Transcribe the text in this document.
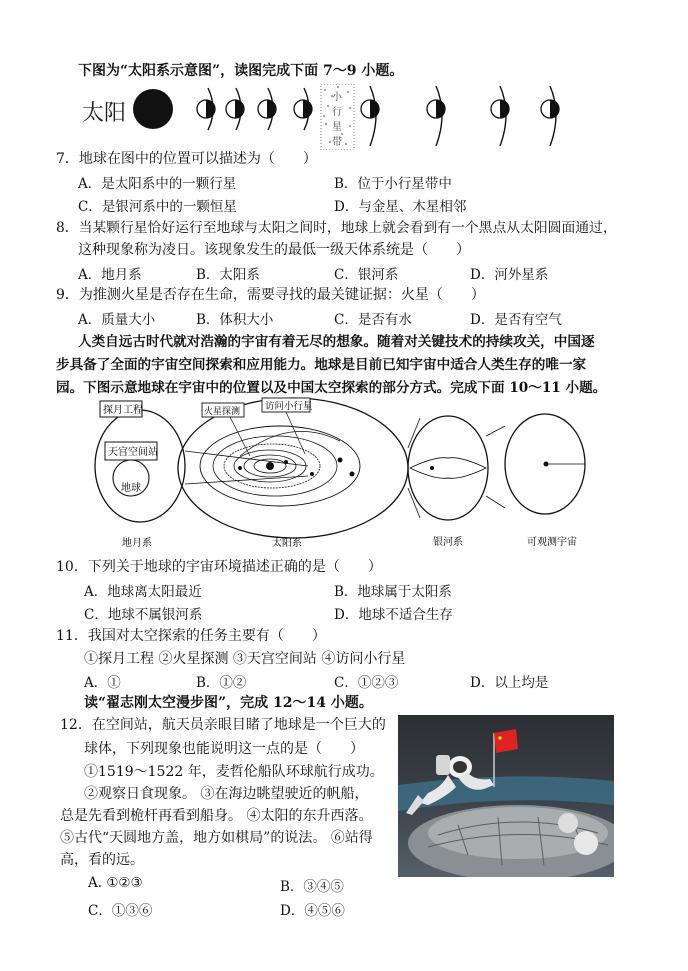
下图为“太阳系示意图”，读图完成下面 7～9 小题。
太阳
小
行
星
带
7．地球在图中的位置可以描述为（　　）
A．是太阳系中的一颗行星	B．位于小行星带中
C．是银河系中的一颗恒星	D．与金星、木星相邻
8．当某颗行星恰好运行至地球与太阳之间时，地球上就会看到有一个黑点从太阳圆面通过，
这种现象称为凌日。该现象发生的最低一级天体系统是（　　）
A．地月系	B．太阳系	C．银河系	D．河外星系
9．为推测火星是否存在生命，需要寻找的最关键证据：火星（　　）
A．质量大小	B．体积大小	C．是否有水	D．是否有空气
人类自远古时代就对浩瀚的宇宙有着无尽的想象。随着对关键技术的持续攻关，中国逐
步具备了全面的宇宙空间探索和应用能力。地球是目前已知宇宙中适合人类生存的唯一家
园。下图示意地球在宇宙中的位置以及中国太空探索的部分方式。完成下面 10～11 小题。
天宫空间站
地球
探月工程	火星探测	访问小行星
地月系	太阳系	银河系	可观测宇宙
10．下列关于地球的宇宙环境描述正确的是（　　）
A．地球离太阳最近	B．地球属于太阳系
C．地球不属银河系	D．地球不适合生存
11．我国对太空探索的任务主要有（　　）
①探月工程 ②火星探测 ③天宫空间站 ④访问小行星
A．①	B．①②	C．①②③	D．以上均是
读“翟志刚太空漫步图”，完成 12～14 小题。
12．在空间站，航天员亲眼目睹了地球是一个巨大的
球体，下列现象也能说明这一点的是（　　）
①1519～1522 年，麦哲伦船队环球航行成功。
②观察日食现象。 ③在海边眺望驶近的帆船，
总是先看到桅杆再看到船身。 ④太阳的东升西落。
⑤古代“天圆地方盖，地方如棋局”的说法。 ⑥站得
高，看的远。
A. ①②③	B．③④⑤
C．①③⑥	D．④⑤⑥
